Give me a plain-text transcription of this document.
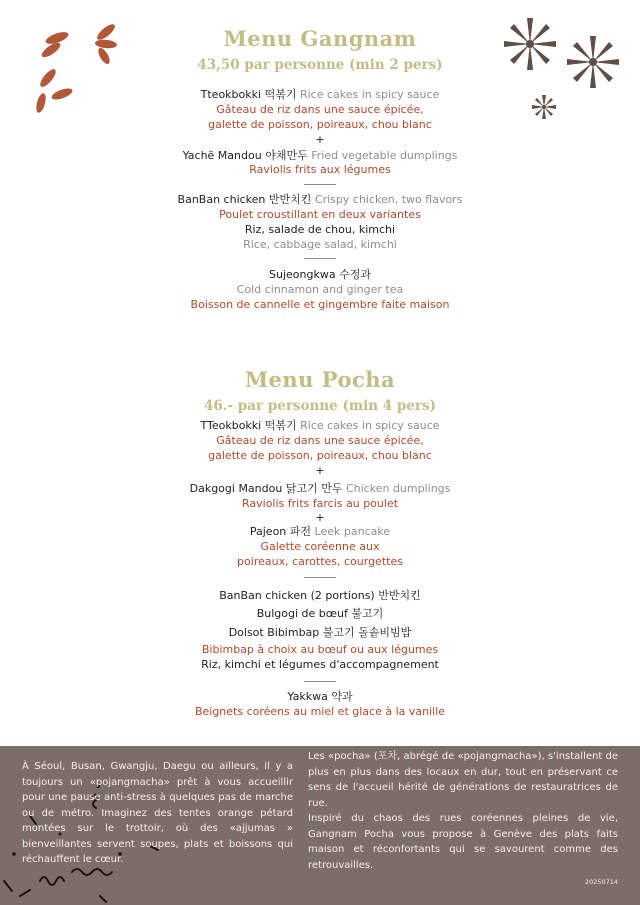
Menu Gangnam
43,50 par personne (min 2 pers)
Tteokbokki 떡볶기 Rice cakes in spicy sauce
Gâteau de riz dans une sauce épicée,
galette de poisson, poireaux, chou blanc
+
Yachë Mandou 야채만두 Fried vegetable dumplings
Raviolis frits aux légumes
BanBan chicken 반반치킨 Crispy chicken, two flavors
Poulet croustillant en deux variantes
Riz, salade de chou, kimchi
Rice, cabbage salad, kimchi
Sujeongkwa 수정과
Cold cinnamon and ginger tea
Boisson de cannelle et gingembre faite maison
Menu Pocha
46.- par personne (min 4 pers)
TTeokbokki 떡볶기 Rice cakes in spicy sauce
Gâteau de riz dans une sauce épicée,
galette de poisson, poireaux, chou blanc
+
Dakgogi Mandou 닭고기 만두 Chicken dumplings
Raviolis frits farcis au poulet
+
Pajeon 파전 Leek pancake
Galette coréenne aux
poireaux, carottes, courgettes
BanBan chicken (2 portions) 반반치킨
Bulgogi de bœuf 불고기
Dolsot Bibimbap 불고기 돌솥비빔밥
Bibimbap à choix au bœuf ou aux légumes
Riz, kimchi et légumes d'accompagnement
Yakkwa 약과
Beignets coréens au miel et glace à la vanille

À Séoul, Busan, Gwangju, Daegu ou ailleurs, il y a toujours un «pojangmacha» prêt à vous accueillir pour une pause anti-stress à quelques pas de marche ou de métro. Imaginez des tentes orange pétard montées sur le trottoir, où des «ajjumas » bienveillantes servent soupes, plats et boissons qui réchauffent le cœur.

Les «pocha» (포차, abrégé de «pojangmacha»), s'installent de plus en plus dans des locaux en dur, tout en préservant ce sens de l'accueil hérité de générations de restauratrices de rue.

Inspiré du chaos des rues coréennes pleines de vie, Gangnam Pocha vous propose à Genève des plats faits maison et réconfortants qui se savourent comme des retrouvailles.

20250714
